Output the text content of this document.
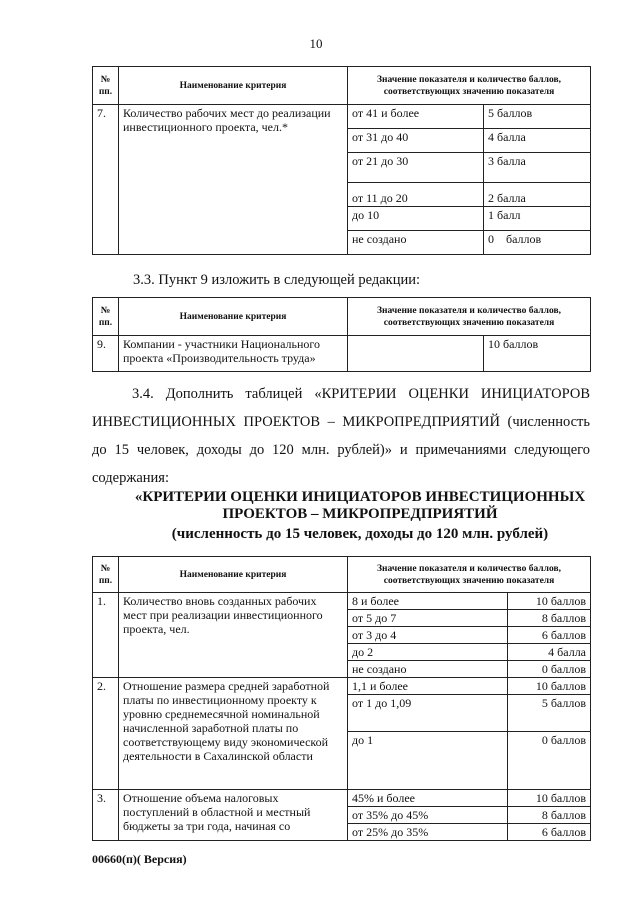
10
№ пп.	Наименование критерия	Значение показателя и количество баллов, соответствующих значению показателя	
7.	Количество рабочих мест до реализации инвестиционного проекта, чел.*	от 41 и более	5 баллов
		от 31 до 40	4 балла
		от 21 до 30	3 балла
		от 11 до 20	2 балла
		до 10	1 балл
		не создано	0    баллов
3.3. Пункт 9 изложить в следующей редакции:
№ пп.	Наименование критерия	Значение показателя и количество баллов, соответствующих значению показателя	
9.	Компании - участники Национального проекта «Производительность труда»		10 баллов
3.4. Дополнить таблицей «КРИТЕРИИ ОЦЕНКИ ИНИЦИАТОРОВ ИНВЕСТИЦИОННЫХ ПРОЕКТОВ – МИКРОПРЕДПРИЯТИЙ (численность до 15 человек, доходы до 120 млн. рублей)» и примечаниями следующего содержания:
«КРИТЕРИИ ОЦЕНКИ ИНИЦИАТОРОВ ИНВЕСТИЦИОННЫХ
ПРОЕКТОВ – МИКРОПРЕДПРИЯТИЙ
(численность до 15 человек, доходы до 120 млн. рублей)
№ пп.	Наименование критерия	Значение показателя и количество баллов, соответствующих значению показателя	
1.	Количество вновь созданных рабочих мест при реализации инвестиционного проекта, чел.	8 и более	10 баллов
		от 5 до 7	8 баллов
		от 3 до 4	6 баллов
		до 2	4 балла
		не создано	0 баллов
2.	Отношение размера средней заработной платы по инвестиционному проекту к уровню среднемесячной номинальной начисленной заработной платы по соответствующему виду экономической деятельности в Сахалинской области	1,1 и более	10 баллов
		от 1 до 1,09	5 баллов
		до 1	0 баллов
3.	Отношение объема налоговых поступлений в областной и местный бюджеты за три года, начиная со	45% и более	10 баллов
		от 35% до 45%	8 баллов
		от 25% до 35%	6 баллов
00660(п)( Версия)
